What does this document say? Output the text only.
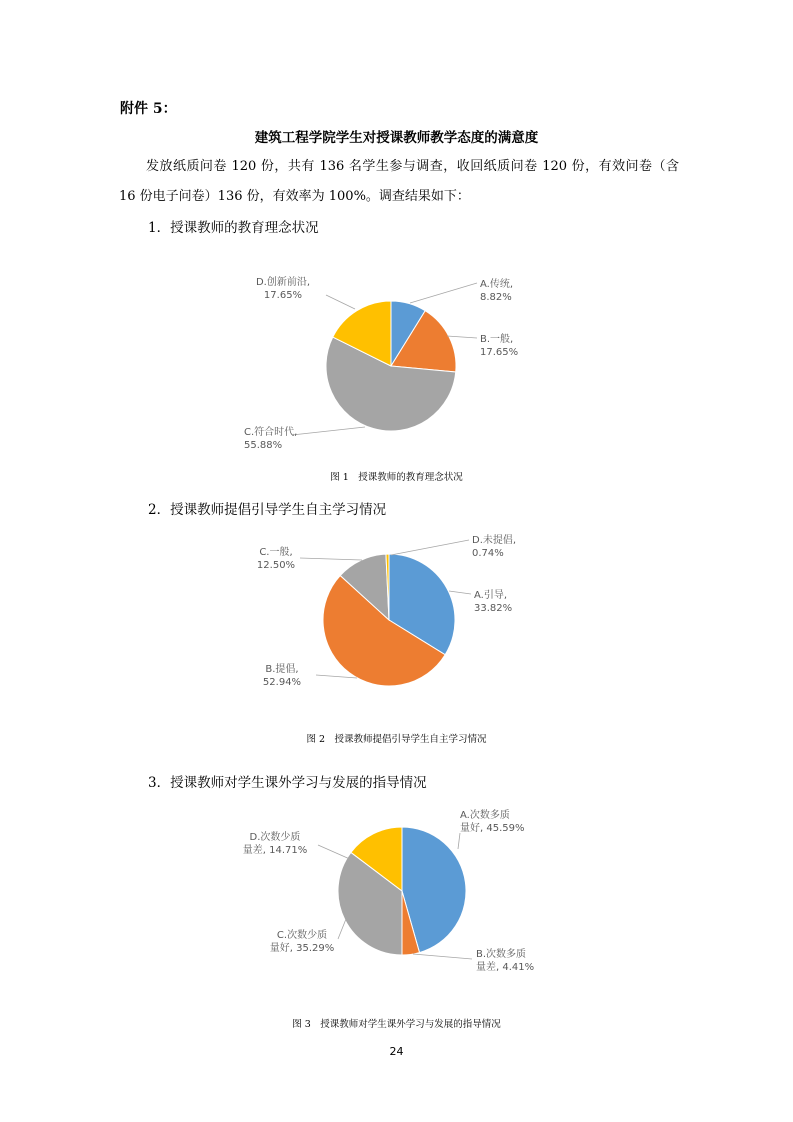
附件 5：
建筑工程学院学生对授课教师教学态度的满意度
发放纸质问卷 120 份，共有 136 名学生参与调查，收回纸质问卷 120 份，有效问卷（含 16 份电子问卷）136 份，有效率为 100%。调查结果如下：
1．授课教师的教育理念状况
A.传统,
8.82%
B.一般,
17.65%
C.符合时代,
55.88%
D.创新前沿,
17.65%
图 1　授课教师的教育理念状况
2．授课教师提倡引导学生自主学习情况
A.引导,
33.82%
B.提倡,
52.94%
C.一般,
12.50%
D.未提倡,
0.74%
图 2　授课教师提倡引导学生自主学习情况
3．授课教师对学生课外学习与发展的指导情况
A.次数多质
量好, 45.59%
B.次数多质
量差, 4.41%
C.次数少质
量好, 35.29%
D.次数少质
量差, 14.71%
图 3　授课教师对学生课外学习与发展的指导情况
24
